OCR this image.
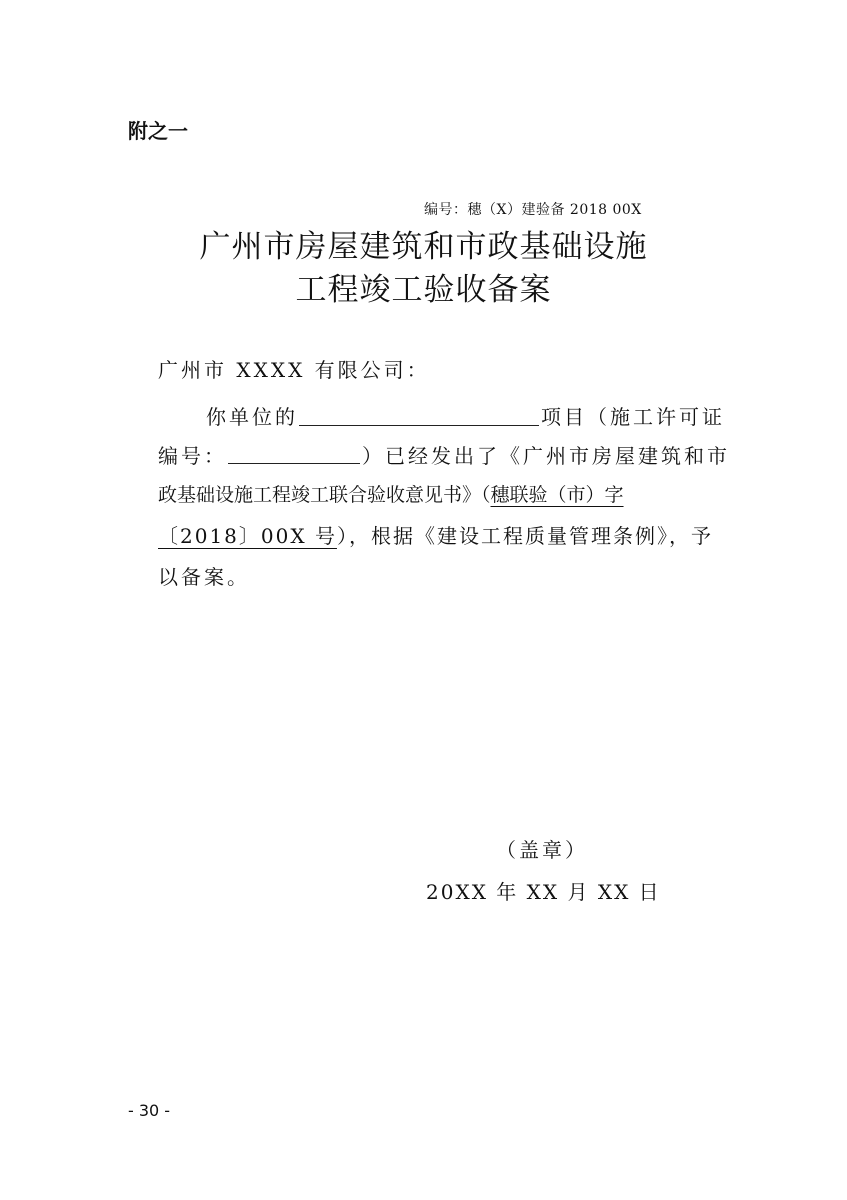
附之一
编号：穗（X）建验备 2018 00X
广州市房屋建筑和市政基础设施
工程竣工验收备案
广州市 XXXX 有限公司：
你单位的	项目（施工许可证
编号：	）已经发出了《广州市房屋建筑和市
政基础设施工程竣工联合验收意见书》（穗联验（市）字
〔2018〕00X 号），根据《建设工程质量管理条例》，予
以备案。
（盖章）
20XX 年 XX 月 XX 日
- 30 -
